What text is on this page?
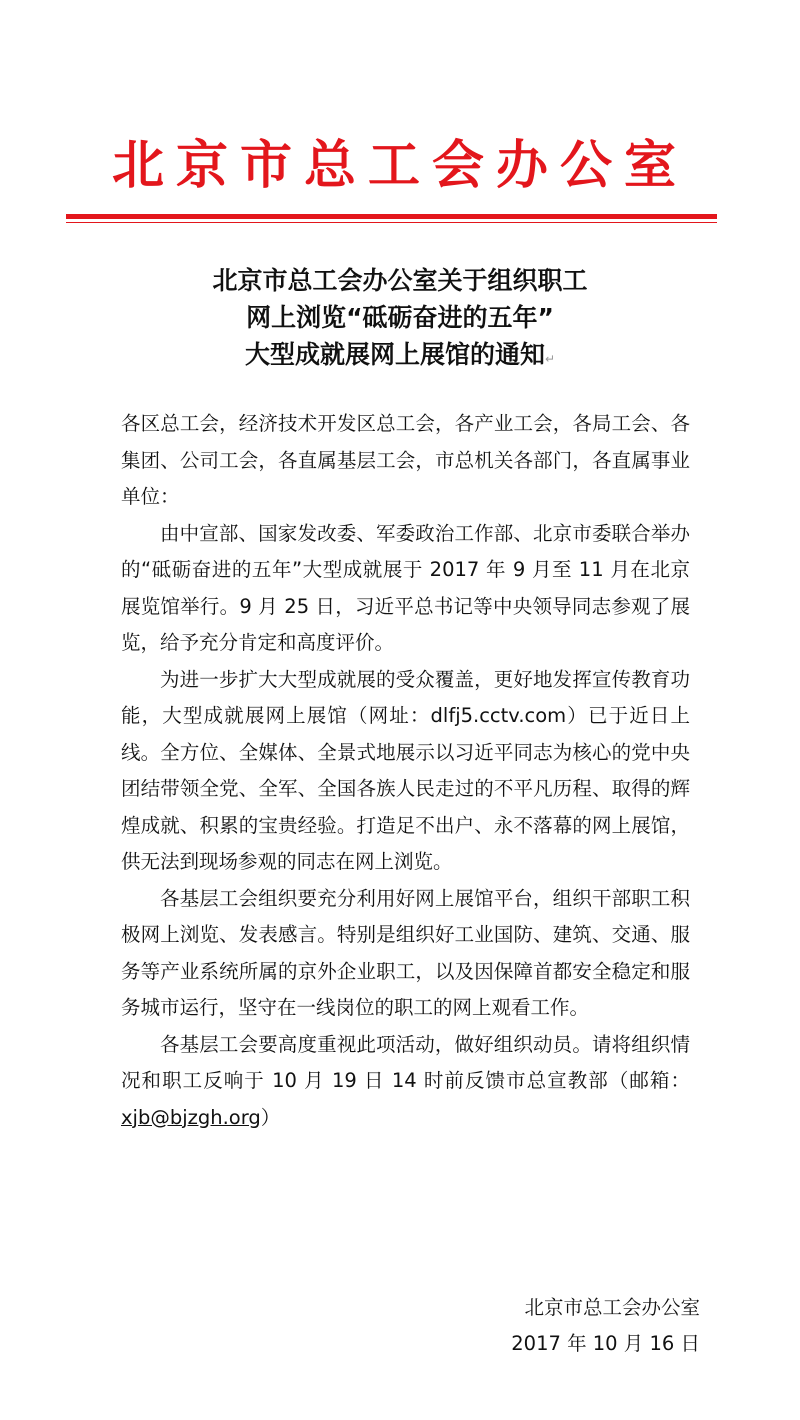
北京市总工会办公室
北京市总工会办公室关于组织职工
网上浏览“砥砺奋进的五年”
大型成就展网上展馆的通知↵

各区总工会，经济技术开发区总工会，各产业工会，各局工会、各集团、公司工会，各直属基层工会，市总机关各部门，各直属事业单位：

由中宣部、国家发改委、军委政治工作部、北京市委联合举办的“砥砺奋进的五年”大型成就展于 2017 年 9 月至 11 月在北京展览馆举行。9 月 25 日，习近平总书记等中央领导同志参观了展览，给予充分肯定和高度评价。

为进一步扩大大型成就展的受众覆盖，更好地发挥宣传教育功能，大型成就展网上展馆（网址：dlfj5.cctv.com）已于近日上线。全方位、全媒体、全景式地展示以习近平同志为核心的党中央团结带领全党、全军、全国各族人民走过的不平凡历程、取得的辉煌成就、积累的宝贵经验。打造足不出户、永不落幕的网上展馆，供无法到现场参观的同志在网上浏览。

各基层工会组织要充分利用好网上展馆平台，组织干部职工积极网上浏览、发表感言。特别是组织好工业国防、建筑、交通、服务等产业系统所属的京外企业职工，以及因保障首都安全稳定和服务城市运行，坚守在一线岗位的职工的网上观看工作。

各基层工会要高度重视此项活动，做好组织动员。请将组织情况和职工反响于 10 月 19 日 14 时前反馈市总宣教部（邮箱：xjb@bjzgh.org）

北京市总工会办公室
2017 年 10 月 16 日
